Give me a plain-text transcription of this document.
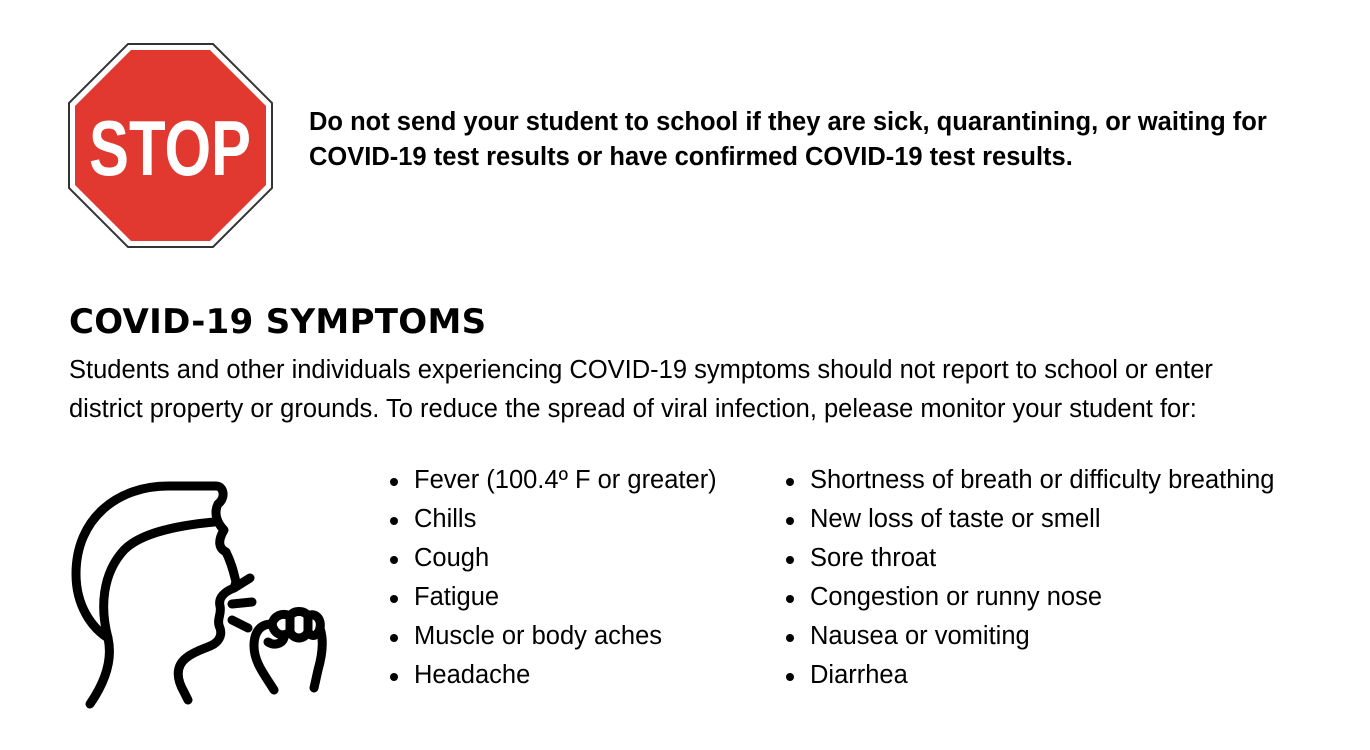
STOP Do not send your student to school if they are sick, quarantining, or waiting for COVID-19 test results or have confirmed COVID-19 test results.

COVID-19 SYMPTOMS

Students and other individuals experiencing COVID-19 symptoms should not report to school or enter district property or grounds. To reduce the spread of viral infection, pelease monitor your student for:

Fever (100.4º F or greater)
Chills
Cough
Fatigue
Muscle or body aches
Headache
Shortness of breath or difficulty breathing
New loss of taste or smell
Sore throat
Congestion or runny nose
Nausea or vomiting
Diarrhea
